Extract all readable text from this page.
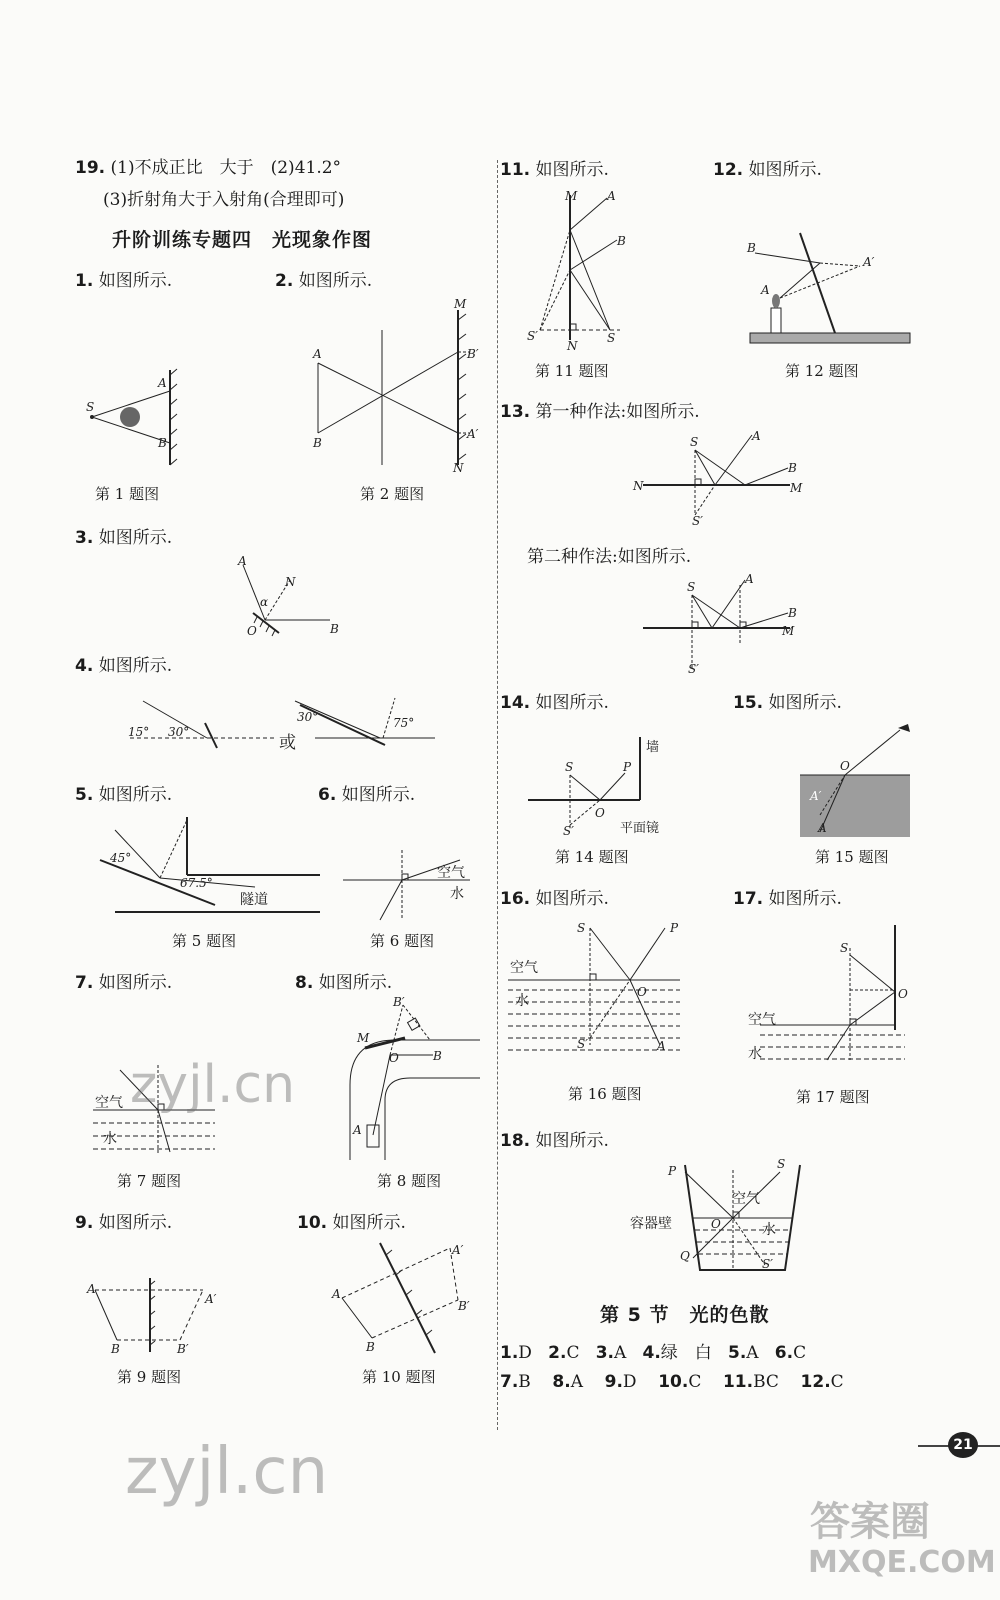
19. (1)不成正比　大于　(2)41.2°
(3)折射角大于入射角(合理即可)
升阶训练专题四　光现象作图
1. 如图所示.	2. 如图所示.
S
A
B
第 1 题图
A
B
M
N
B′
A′
第 2 题图
3. 如图所示.
A
N
α
O	B
4. 如图所示.
15° 30°
30°	75°
或
5. 如图所示.	6. 如图所示.
45°
67.5°
隧道
第 5 题图
空气
水
第 6 题图
7. 如图所示.	8. 如图所示.
空气
水
第 7 题图
M
O	B
B′
A
第 8 题图
9. 如图所示.	10. 如图所示.
A
B
A′
B′
第 9 题图
A
B
A′
B′
第 10 题图
11. 如图所示.	12. 如图所示.
M A
B
S′
N
S
第 11 题图
B
A
A′
第 12 题图
13. 第一种作法:如图所示.
S	A
B
M
N
S′
第二种作法:如图所示.
S
A
B
M
S′
14. 如图所示.	15. 如图所示.
S	P
O
S′
墙
平面镜
第 14 题图
O
A′
A
第 15 题图
16. 如图所示.	17. 如图所示.
S	P
O
S′	A
空气
水
第 16 题图
S
O
空气
水
第 17 题图
18. 如图所示.
P	S
O
Q
S′
空气
水
容器壁
第 5 节　光的色散
1.D 2.C 3.A 4.绿　白 5.A 6.C
7.B 8.A 9.D 10.C 11.BC 12.C
21
zyjl.cn
zyjl.cn
答案圈
MXQE.COM
